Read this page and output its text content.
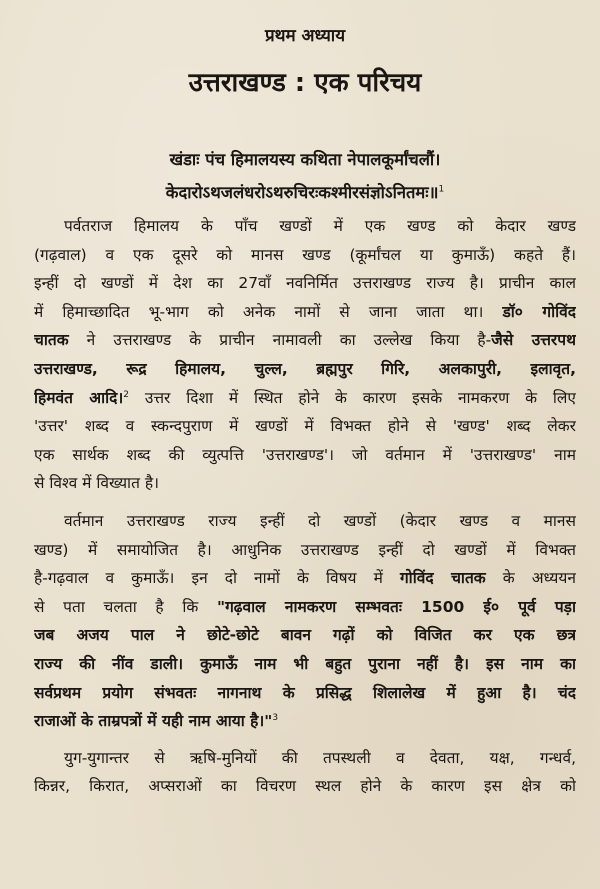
प्रथम अध्याय
उत्तराखण्ड : एक परिचय
खंडाः पंच हिमालयस्य कथिता नेपालकूर्मांचलौं।
केदारोऽथजलंधरोऽथरुचिरःकश्मीरसंज्ञोऽनितमः॥$^1$
पर्वतराज हिमालय के पाँच खण्डों में एक खण्ड को केदार खण्ड
(गढ़वाल) व एक दूसरे को मानस खण्ड (कूर्मांचल या कुमाऊँ) कहते हैं।
इन्हीं दो खण्डों में देश का 27वाँ नवनिर्मित उत्तराखण्ड राज्य है। प्राचीन काल
में हिमाच्छादित भू-भाग को अनेक नामों से जाना जाता था। डॉ० गोविंद
चातक ने उत्तराखण्ड के प्राचीन नामावली का उल्लेख किया है-जैसे उत्तरपथ
उत्तराखण्ड, रूद्र हिमालय, चुल्ल, ब्रह्मपुर गिरि, अलकापुरी, इलावृत,
हिमवंत आदि।$^2$ उत्तर दिशा में स्थित होने के कारण इसके नामकरण के लिए
'उत्तर' शब्द व स्कन्दपुराण में खण्डों में विभक्त होने से 'खण्ड' शब्द लेकर
एक सार्थक शब्द की व्युत्पत्ति 'उत्तराखण्ड'। जो वर्तमान में 'उत्तराखण्ड' नाम
से विश्व में विख्यात है।
वर्तमान उत्तराखण्ड राज्य इन्हीं दो खण्डों (केदार खण्ड व मानस
खण्ड) में समायोजित है। आधुनिक उत्तराखण्ड इन्हीं दो खण्डों में विभक्त
है-गढ़वाल व कुमाऊँ। इन दो नामों के विषय में गोविंद चातक के अध्ययन
से पता चलता है कि "गढ़वाल नामकरण सम्भवतः 1500 ई० पूर्व पड़ा
जब अजय पाल ने छोटे-छोटे बावन गढ़ों को विजित कर एक छत्र
राज्य की नींव डाली। कुमाऊँ नाम भी बहुत पुराना नहीं है। इस नाम का
सर्वप्रथम प्रयोग संभवतः नागनाथ के प्रसिद्ध शिलालेख में हुआ है। चंद
राजाओं के ताम्रपत्रों में यही नाम आया है।"$^3$
युग-युगान्तर से ऋषि-मुनियों की तपस्थली व देवता, यक्ष, गन्धर्व,
किन्नर, किरात, अप्सराओं का विचरण स्थल होने के कारण इस क्षेत्र को
